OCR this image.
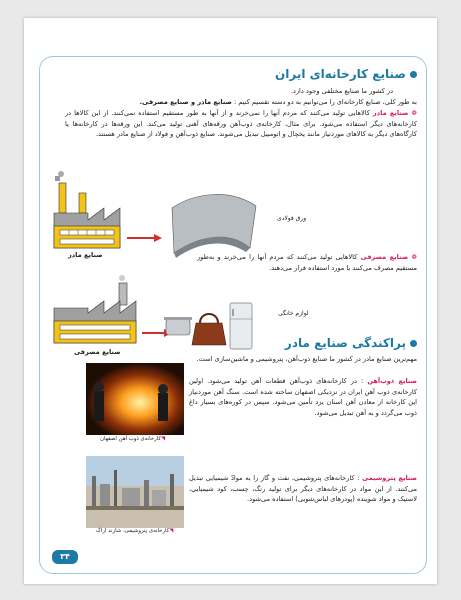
صنایع کارخانه‌ای ایران
در کشور ما صنایع مختلفی وجود دارد.
به طور کلی، صنایع کارخانه‌ای را می‌توانیم به دو دسته تقسیم کنیم : صنایع مادر و صنایع مصرفی.
❁ صنایع مادر کالاهایی تولید می‌کنند که مردم آنها را نمی‌خرند و از آنها به طور مستقیم استفاده نمی‌کنند. از این کالاها در کارخانه‌های دیگر استفاده می‌شود. برای مثال، کارخانه‌ی ذوب‌آهن ورقه‌های آهنی تولید می‌کند. این ورقه‌ها در کارخانه‌ها یا کارگاه‌های دیگر به کالاهای موردنیاز مانند یخچال و اتومبیل تبدیل می‌شوند. صنایع ذوب‌آهن و فولاد از صنایع مادر هستند.
ورق فولادی
صنایع مادر	❁ صنایع مصرفی کالاهایی تولید می‌کنند که مردم آنها را می‌خرند و به‌طور مستقیم مصرف می‌کنند یا مورد استفاده قرار می‌دهند.
لوازم خانگی
صنایع مصرفی
پراکندگی صنایع مادر
مهم‌ترین صنایع مادر در کشور ما صنایع ذوب‌آهن، پتروشیمی و ماشین‌سازی است.
◥کارخانه‌ی ذوب آهن اصفهان
صنایع ذوب‌آهن : در کارخانه‌های ذوب‌آهن قطعات آهن تولید می‌شود. اولین کارخانه‌ی ذوب آهن ایران در نزدیکی اصفهان ساخته شده است. سنگ آهن موردنیاز این کارخانه از معادن آهن استان یزد تأمین می‌شود. سپس در کوره‌های بسیار داغ ذوب می‌گردد و به آهن تبدیل می‌شود.
◥کارخانه‌ی پتروشیمی، شازند اراک
صنایع پتروشیمی : کارخانه‌های پتروشیمی، نفت و گاز را به موادّ شیمیایی تبدیل می‌کنند. از این مواد در کارخانه‌های دیگر برای تولید رنگ، چسب، کود شیمیایی، لاستیک و مواد شوینده (پودرهای لباس‌شویی) استفاده می‌شود.
۳۴
